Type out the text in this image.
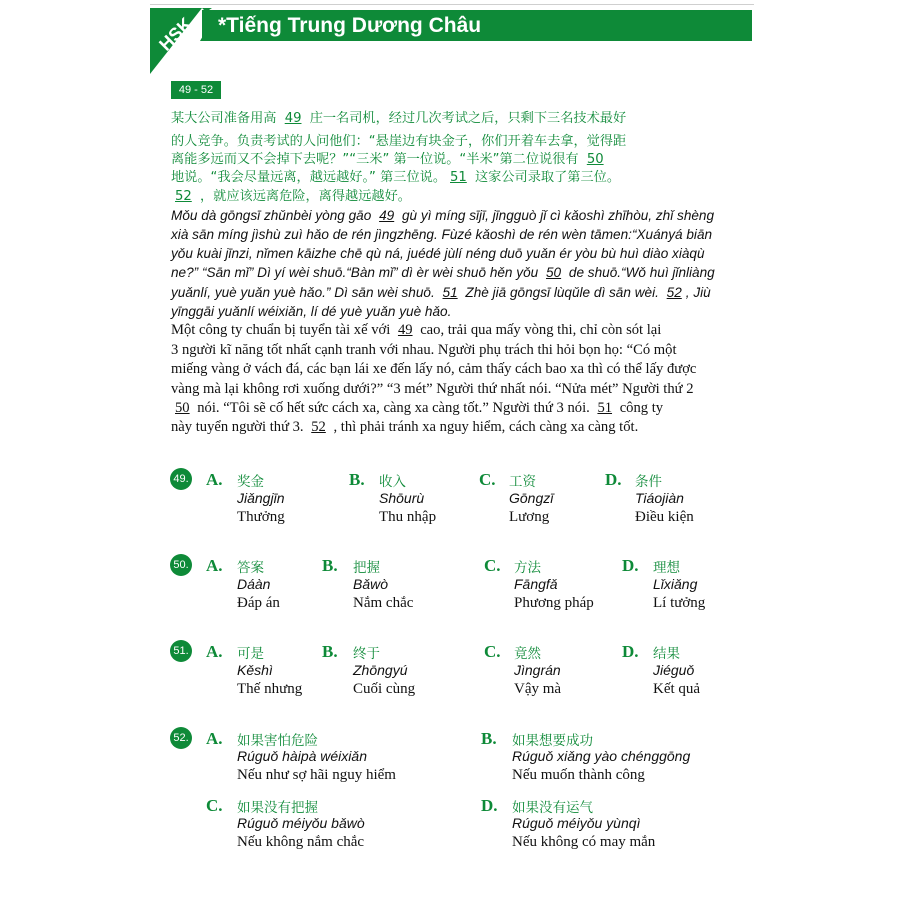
HSK	*Tiếng Trung Dương Châu
49 - 52
某大公司准备用高 49 庄一名司机，经过几次考试之后，只剩下三名技术最好
的人竞争。负责考试的人问他们：“悬崖边有块金子，你们开着车去拿，觉得距
离能多远而又不会掉下去呢？”“三米” 第一位说。“半米”第二位说很有 50
地说。“我会尽量远离，越远越好。” 第三位说。 51 这家公司录取了第三位。
52 ，就应该远离危险，离得越远越好。
Mǒu dà gōngsī zhǔnbèi yòng gāo 49 gù yì míng sījī, jīngguò jǐ cì kǎoshì zhīhòu, zhǐ shèng
xià sān míng jìshù zuì hǎo de rén jìngzhēng. Fùzé kǎoshì de rén wèn tāmen:“Xuányá biān
yǒu kuài jīnzi, nǐmen kāizhe chē qù ná, juédé jùlí néng duō yuǎn ér yòu bù huì diào xiàqù
ne?” “Sān mǐ” Dì yí wèi shuō.“Bàn mǐ” dì èr wèi shuō hěn yǒu 50 de shuō.“Wǒ huì jǐnliàng
yuǎnlí, yuè yuǎn yuè hǎo.” Dì sān wèi shuō. 51 Zhè jiā gōngsī lùqǔle dì sān wèi. 52 , Jiù
yīnggāi yuǎnlí wéixiǎn, lí dé yuè yuǎn yuè hǎo.
Một công ty chuẩn bị tuyển tài xế với 49 cao, trải qua mấy vòng thi, chỉ còn sót lại
3 người kĩ năng tốt nhất cạnh tranh với nhau. Người phụ trách thi hỏi bọn họ: “Có một
miếng vàng ở vách đá, các bạn lái xe đến lấy nó, cảm thấy cách bao xa thì có thể lấy được
vàng mà lại không rơi xuống dưới?” “3 mét” Người thứ nhất nói. “Nửa mét” Người thứ 2
50 nói. “Tôi sẽ cố hết sức cách xa, càng xa càng tốt.” Người thứ 3 nói. 51 công ty
này tuyển người thứ 3. 52 , thì phải tránh xa nguy hiểm, cách càng xa càng tốt.
49. A. 奖金
Jiǎngjīn
Thưởng
B. 收入
Shōurù
Thu nhập
C. 工资
Gōngzī
Lương
D. 条件
Tiáojiàn
Điều kiện
50. A. 答案
Dáàn
Đáp án
B. 把握
Bǎwò
Nắm chắc
C. 方法
Fāngfǎ
Phương pháp
D. 理想
Lǐxiǎng
Lí tưởng
51. A. 可是
Kěshì
Thế nhưng
B. 终于
Zhōngyú
Cuối cùng
C. 竟然
Jìngrán
Vậy mà
D. 结果
Jiéguǒ
Kết quả
52. A. 如果害怕危险
Rúguǒ hàipà wéixiǎn
Nếu như sợ hãi nguy hiểm
B. 如果想要成功
Rúguǒ xiǎng yào chénggōng
Nếu muốn thành công
C. 如果没有把握
Rúguǒ méiyǒu bǎwò
Nếu không nắm chắc
D. 如果没有运气
Rúguǒ méiyǒu yùnqì
Nếu không có may mắn
